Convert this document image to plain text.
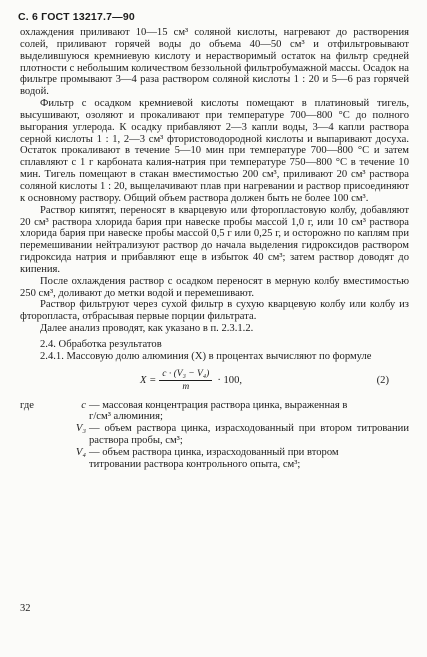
С. 6 ГОСТ 13217.7—90

охлаждения приливают 10—15 см³ соляной кислоты, нагревают до растворения солей, приливают горячей воды до объема 40—50 см³ и отфильтровывают выделившуюся кремниевую кислоту и нерастворимый остаток на фильтр средней плотности с небольшим количеством беззольной фильтробумажной массы. Осадок на фильтре промывают 3—4 раза раствором соляной кислоты 1 : 20 и 5—6 раз горячей водой.

Фильтр с осадком кремниевой кислоты помещают в платиновый тигель, высушивают, озоляют и прокаливают при температуре 700—800 °С до полного выгорания углерода. К осадку прибавляют 2—3 капли воды, 3—4 капли раствора серной кислоты 1 : 1, 2—3 см³ фтористоводородной кислоты и выпаривают досуха. Остаток прокаливают в течение 5—10 мин при температуре 700—800 °С и затем сплавляют с 1 г карбоната калия-натрия при температуре 750—800 °С в течение 10 мин. Тигель помещают в стакан вместимостью 200 см³, приливают 20 см³ раствора соляной кислоты 1 : 20, выщелачивают плав при нагревании и раствор присоединяют к основному раствору. Общий объем раствора должен быть не более 100 см³.

Раствор кипятят, переносят в кварцевую или фторопластовую колбу, добавляют 20 см³ раствора хлорида бария при навеске пробы массой 1,0 г, или 10 см³ раствора хлорида бария при навеске пробы массой 0,5 г или 0,25 г, и осторожно по каплям при перемешивании нейтрализуют раствор до начала выделения гидроксидов раствором гидроксида натрия и прибавляют еще в избыток 40 см³; затем раствор доводят до кипения.

После охлаждения раствор с осадком переносят в мерную колбу вместимостью 250 см³, доливают до метки водой и перемешивают.

Раствор фильтруют через сухой фильтр в сухую кварцевую колбу или колбу из фторопласта, отбрасывая первые порции фильтрата.

Далее анализ проводят, как указано в п. 2.3.1.2.

2.4. Обработка результатов

2.4.1. Массовую долю алюминия (X) в процентах вычисляют по формуле

$X = \frac{\text{c · (V₃ − V₄)}}{m} \cdot 100$,	(2)
где	c — массовая концентрация раствора цинка, выраженная в
г/см³ алюминия;
V₃ — объем раствора цинка, израсходованный при втором титровании раствора пробы, см³;
V₄ — объем раствора цинка, израсходованный при втором
титровании раствора контрольного опыта, см³;
32
